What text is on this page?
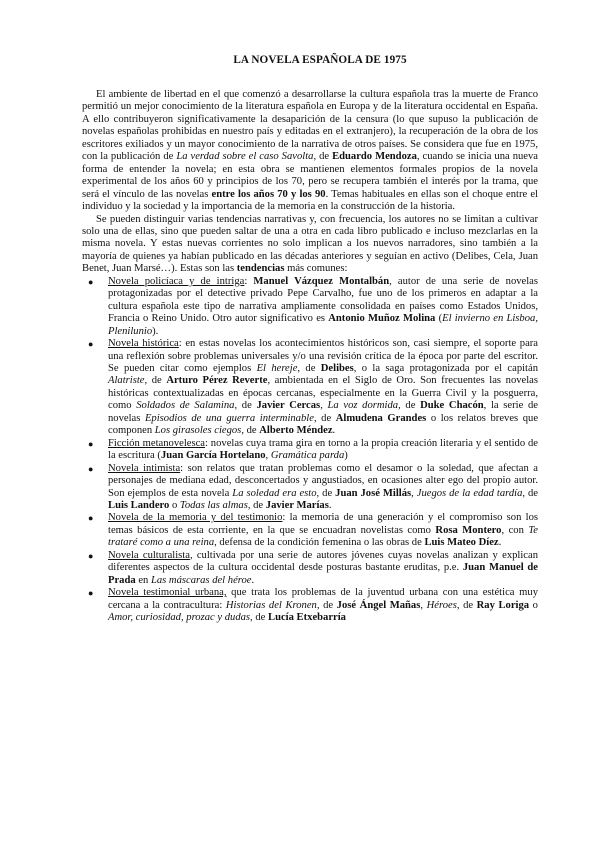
LA NOVELA ESPAÑOLA DE 1975

El ambiente de libertad en el que comenzó a desarrollarse la cultura española tras la muerte de Franco permitió un mejor conocimiento de la literatura española en Europa y de la literatura occidental en España. A ello contribuyeron significativamente la desaparición de la censura (lo que supuso la publicación de novelas españolas prohibidas en nuestro país y editadas en el extranjero), la recuperación de la obra de los escritores exiliados y un mayor conocimiento de la narrativa de otros países. Se considera que fue en 1975, con la publicación de La verdad sobre el caso Savolta, de Eduardo Mendoza, cuando se inicia una nueva forma de entender la novela; en esta obra se mantienen elementos formales propios de la novela experimental de los años 60 y principios de los 70, pero se recupera también el interés por la trama, que será el vínculo de las novelas entre los años 70 y los 90. Temas habituales en ellas son el choque entre el individuo y la sociedad y la importancia de la memoria en la construcción de la historia.

Se pueden distinguir varias tendencias narrativas y, con frecuencia, los autores no se limitan a cultivar solo una de ellas, sino que pueden saltar de una a otra en cada libro publicado e incluso mezclarlas en la misma novela. Y estas nuevas corrientes no solo implican a los nuevos narradores, sino también a la mayoría de quienes ya habían publicado en las décadas anteriores y seguían en activo (Delibes, Cela, Juan Benet, Juan Marsé…). Estas son las tendencias más comunes:

● Novela policíaca y de intriga: Manuel Vázquez Montalbán, autor de una serie de novelas protagonizadas por el detective privado Pepe Carvalho, fue uno de los primeros en adaptar a la cultura española este tipo de narrativa ampliamente consolidada en países como Estados Unidos, Francia o Reino Unido. Otro autor significativo es Antonio Muñoz Molina (El invierno en Lisboa, Plenilunio).
● Novela histórica: en estas novelas los acontecimientos históricos son, casi siempre, el soporte para una reflexión sobre problemas universales y/o una revisión crítica de la época por parte del escritor. Se pueden citar como ejemplos El hereje, de Delibes, o la saga protagonizada por el capitán Alatriste, de Arturo Pérez Reverte, ambientada en el Siglo de Oro. Son frecuentes las novelas históricas contextualizadas en épocas cercanas, especialmente en la Guerra Civil y la posguerra, como Soldados de Salamina, de Javier Cercas, La voz dormida, de Duke Chacón, la serie de novelas Episodios de una guerra interminable, de Almudena Grandes o los relatos breves que componen Los girasoles ciegos, de Alberto Méndez.
● Ficción metanovelesca: novelas cuya trama gira en torno a la propia creación literaria y el sentido de la escritura (Juan García Hortelano, Gramática parda)
● Novela intimista: son relatos que tratan problemas como el desamor o la soledad, que afectan a personajes de mediana edad, desconcertados y angustiados, en ocasiones alter ego del propio autor. Son ejemplos de esta novela La soledad era esto, de Juan José Millás, Juegos de la edad tardía, de Luis Landero o Todas las almas, de Javier Marías.
● Novela de la memoria y del testimonio: la memoria de una generación y el compromiso son los temas básicos de esta corriente, en la que se encuadran novelistas como Rosa Montero, con Te trataré como a una reina, defensa de la condición femenina o las obras de Luis Mateo Díez.
● Novela culturalista, cultivada por una serie de autores jóvenes cuyas novelas analizan y explican diferentes aspectos de la cultura occidental desde posturas bastante eruditas, p.e. Juan Manuel de Prada en Las máscaras del héroe.
● Novela testimonial urbana, que trata los problemas de la juventud urbana con una estética muy cercana a la contracultura: Historias del Kronen, de José Ángel Mañas, Héroes, de Ray Loriga o Amor, curiosidad, prozac y dudas, de Lucía Etxebarría
